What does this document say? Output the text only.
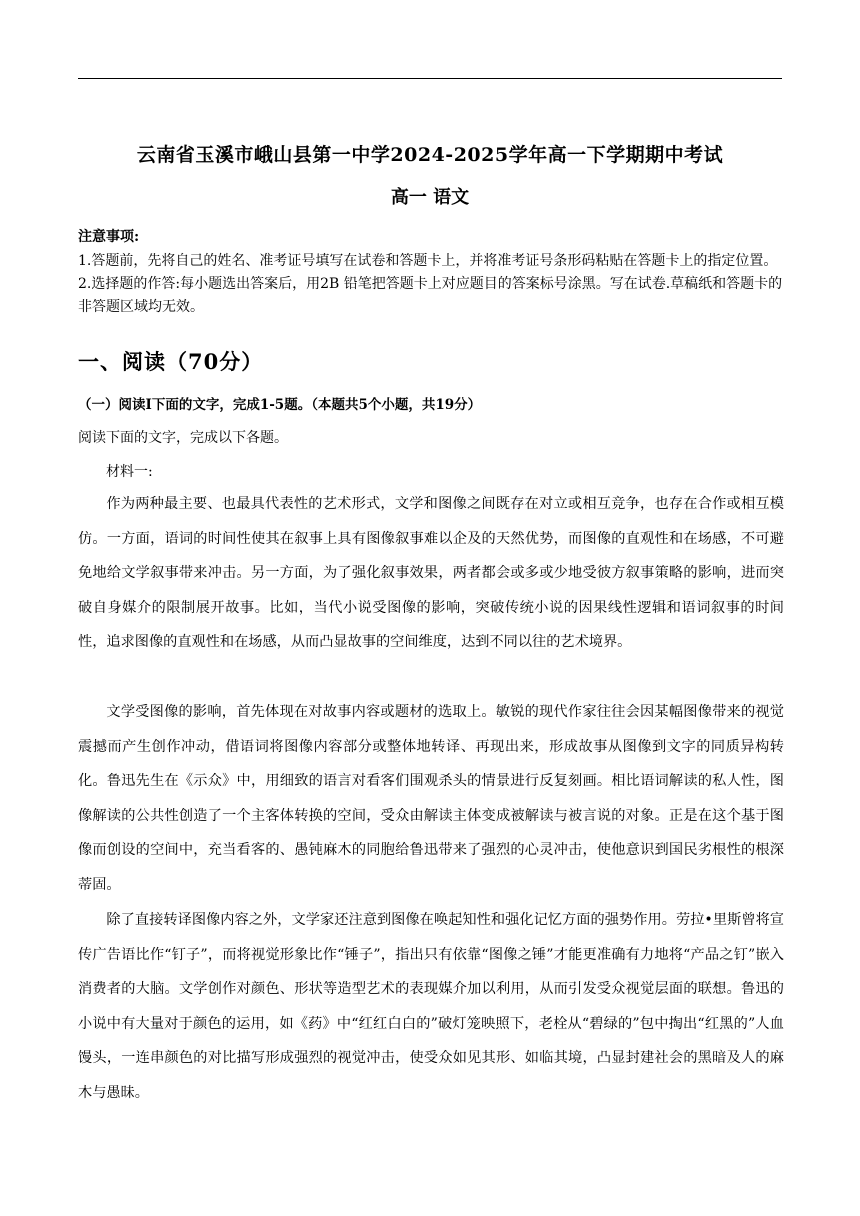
云南省玉溪市峨山县第一中学2024-2025学年高一下学期期中考试
高一 语文
注意事项:

1.答题前，先将自己的姓名、准考证号填写在试卷和答题卡上，并将准考证号条形码粘贴在答题卡上的指定位置。

2.选择题的作答:每小题选出答案后，用2B 铅笔把答题卡上对应题目的答案标号涂黑。写在试卷.草稿纸和答题卡的非答题区域均无效。

一、阅读（70分）
（一）阅读Ⅰ下面的文字，完成1-5题。（本题共5个小题，共19分）
阅读下面的文字，完成以下各题。
材料一:

作为两种最主要、也最具代表性的艺术形式，文学和图像之间既存在对立或相互竞争，也存在合作或相互模仿。一方面，语词的时间性使其在叙事上具有图像叙事难以企及的天然优势，而图像的直观性和在场感，不可避免地给文学叙事带来冲击。另一方面，为了强化叙事效果，两者都会或多或少地受彼方叙事策略的影响，进而突破自身媒介的限制展开故事。比如，当代小说受图像的影响，突破传统小说的因果线性逻辑和语词叙事的时间性，追求图像的直观性和在场感，从而凸显故事的空间维度，达到不同以往的艺术境界。

文学受图像的影响，首先体现在对故事内容或题材的选取上。敏锐的现代作家往往会因某幅图像带来的视觉震撼而产生创作冲动，借语词将图像内容部分或整体地转译、再现出来，形成故事从图像到文字的同质异构转化。鲁迅先生在《示众》中，用细致的语言对看客们围观杀头的情景进行反复刻画。相比语词解读的私人性，图像解读的公共性创造了一个主客体转换的空间，受众由解读主体变成被解读与被言说的对象。正是在这个基于图像而创设的空间中，充当看客的、愚钝麻木的同胞给鲁迅带来了强烈的心灵冲击，使他意识到国民劣根性的根深蒂固。

除了直接转译图像内容之外，文学家还注意到图像在唤起知性和强化记忆方面的强势作用。劳拉•里斯曾将宣传广告语比作“钉子”，而将视觉形象比作“锤子”，指出只有依靠“图像之锤”才能更准确有力地将“产品之钉”嵌入消费者的大脑。文学创作对颜色、形状等造型艺术的表现媒介加以利用，从而引发受众视觉层面的联想。鲁迅的小说中有大量对于颜色的运用，如《药》中“红红白白的”破灯笼映照下，老栓从“碧绿的”包中掏出“红黑的”人血馒头，一连串颜色的对比描写形成强烈的视觉冲击，使受众如见其形、如临其境，凸显封建社会的黑暗及人的麻木与愚昧。
